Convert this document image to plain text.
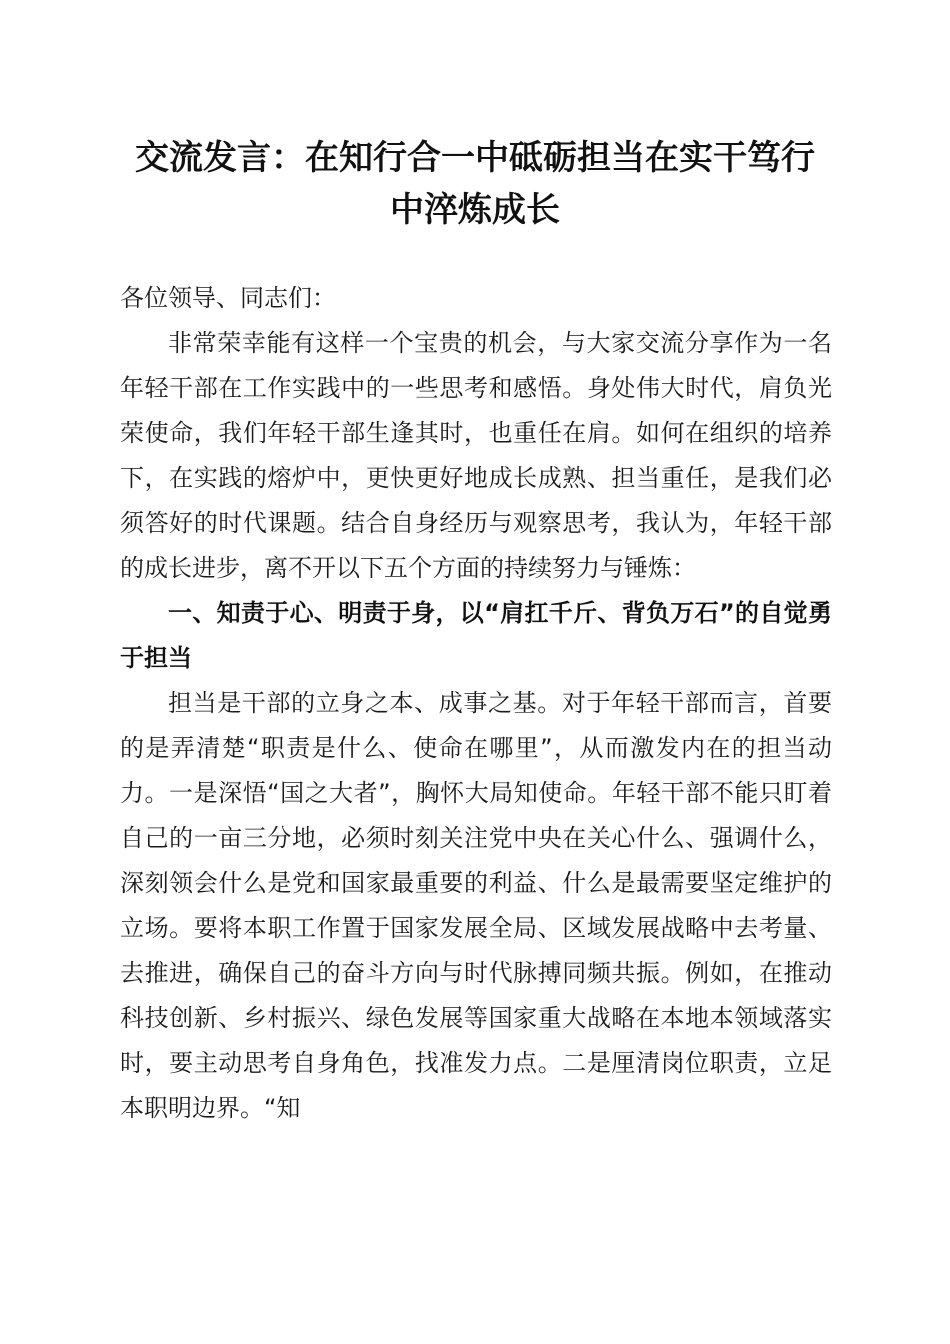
交流发言：在知行合一中砥砺担当在实干笃行
中淬炼成长

各位领导、同志们：

非常荣幸能有这样一个宝贵的机会，与大家交流分享作为一名年轻干部在工作实践中的一些思考和感悟。身处伟大时代，肩负光荣使命，我们年轻干部生逢其时，也重任在肩。如何在组织的培养下，在实践的熔炉中，更快更好地成长成熟、担当重任，是我们必须答好的时代课题。结合自身经历与观察思考，我认为，年轻干部的成长进步，离不开以下五个方面的持续努力与锤炼：

一、知责于心、明责于身，以“肩扛千斤、背负万石”的自觉勇于担当

担当是干部的立身之本、成事之基。对于年轻干部而言，首要的是弄清楚“职责是什么、使命在哪里”，从而激发内在的担当动力。一是深悟“国之大者”，胸怀大局知使命。年轻干部不能只盯着自己的一亩三分地，必须时刻关注党中央在关心什么、强调什么，深刻领会什么是党和国家最重要的利益、什么是最需要坚定维护的立场。要将本职工作置于国家发展全局、区域发展战略中去考量、去推进，确保自己的奋斗方向与时代脉搏同频共振。例如，在推动科技创新、乡村振兴、绿色发展等国家重大战略在本地本领域落实时，要主动思考自身角色，找准发力点。二是厘清岗位职责，立足本职明边界。“知
